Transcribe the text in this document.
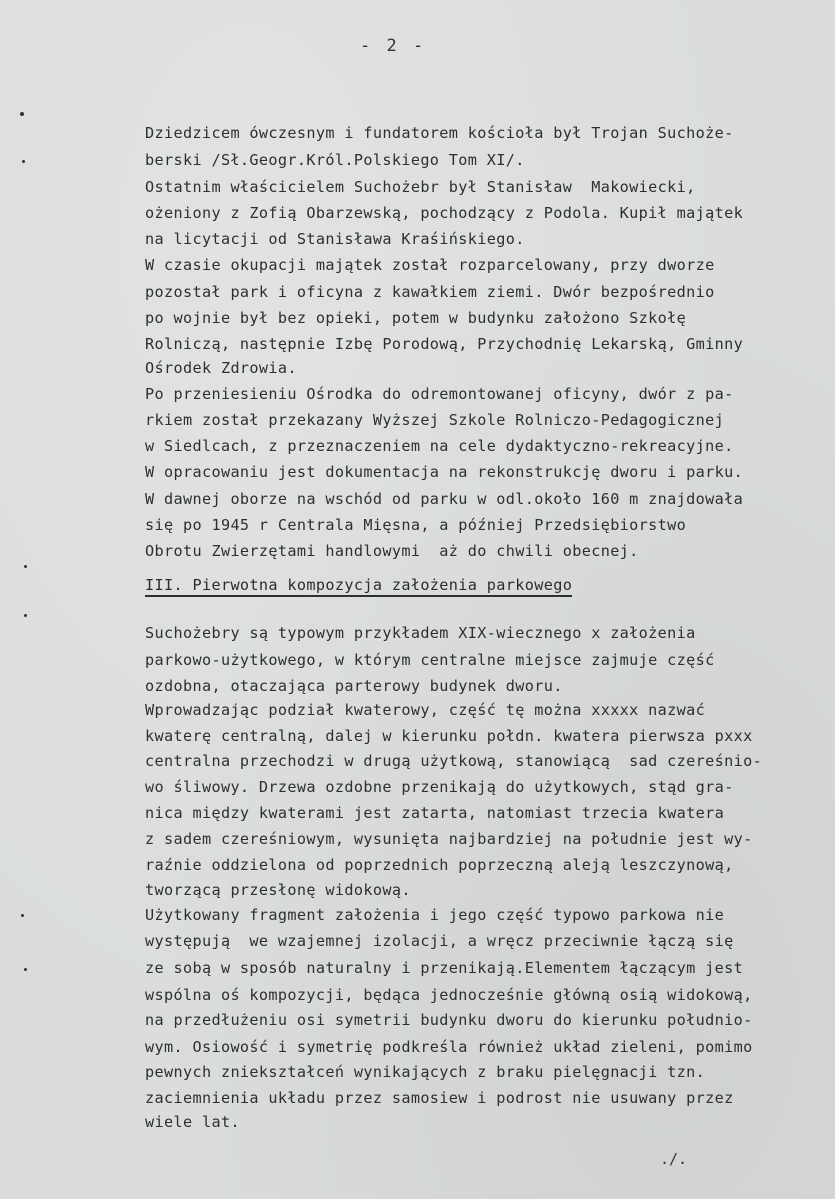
- 2 -
Dziedzicem ówczesnym i fundatorem kościoła był Trojan Suchoże-
berski /Sł.Geogr.Król.Polskiego Tom XI/.
Ostatnim właścicielem Suchożebr był Stanisław  Makowiecki,
ożeniony z Zofią Obarzewską, pochodzący z Podola. Kupił majątek
na licytacji od Stanisława Kraśińskiego.
W czasie okupacji majątek został rozparcelowany, przy dworze
pozostał park i oficyna z kawałkiem ziemi. Dwór bezpośrednio
po wojnie był bez opieki, potem w budynku założono Szkołę
Rolniczą, następnie Izbę Porodową, Przychodnię Lekarską, Gminny
Ośrodek Zdrowia.
Po przeniesieniu Ośrodka do odremontowanej oficyny, dwór z pa-
rkiem został przekazany Wyższej Szkole Rolniczo-Pedagogicznej
w Siedlcach, z przeznaczeniem na cele dydaktyczno-rekreacyjne.
W opracowaniu jest dokumentacja na rekonstrukcję dworu i parku.
W dawnej oborze na wschód od parku w odl.około 160 m znajdowała
się po 1945 r Centrala Mięsna, a później Przedsiębiorstwo
Obrotu Zwierzętami handlowymi  aż do chwili obecnej.
III. Pierwotna kompozycja założenia parkowego
Suchożebry są typowym przykładem XIX-wiecznego x założenia
parkowo-użytkowego, w którym centralne miejsce zajmuje część
ozdobna, otaczająca parterowy budynek dworu.
Wprowadzając podział kwaterowy, część tę można xxxxx nazwać
kwaterę centralną, dalej w kierunku połdn. kwatera pierwsza pxxx
centralna przechodzi w drugą użytkową, stanowiącą  sad czereśnio-
wo śliwowy. Drzewa ozdobne przenikają do użytkowych, stąd gra-
nica między kwaterami jest zatarta, natomiast trzecia kwatera
z sadem czereśniowym, wysunięta najbardziej na południe jest wy-
raźnie oddzielona od poprzednich poprzeczną aleją leszczynową,
tworzącą przesłonę widokową.
Użytkowany fragment założenia i jego część typowo parkowa nie
występują  we wzajemnej izolacji, a wręcz przeciwnie łączą się
ze sobą w sposób naturalny i przenikają.Elementem łączącym jest
wspólna oś kompozycji, będąca jednocześnie główną osią widokową,
na przedłużeniu osi symetrii budynku dworu do kierunku południo-
wym. Osiowość i symetrię podkreśla również układ zieleni, pomimo
pewnych zniekształceń wynikających z braku pielęgnacji tzn.
zaciemnienia układu przez samosiew i podrost nie usuwany przez
wiele lat.
./.
